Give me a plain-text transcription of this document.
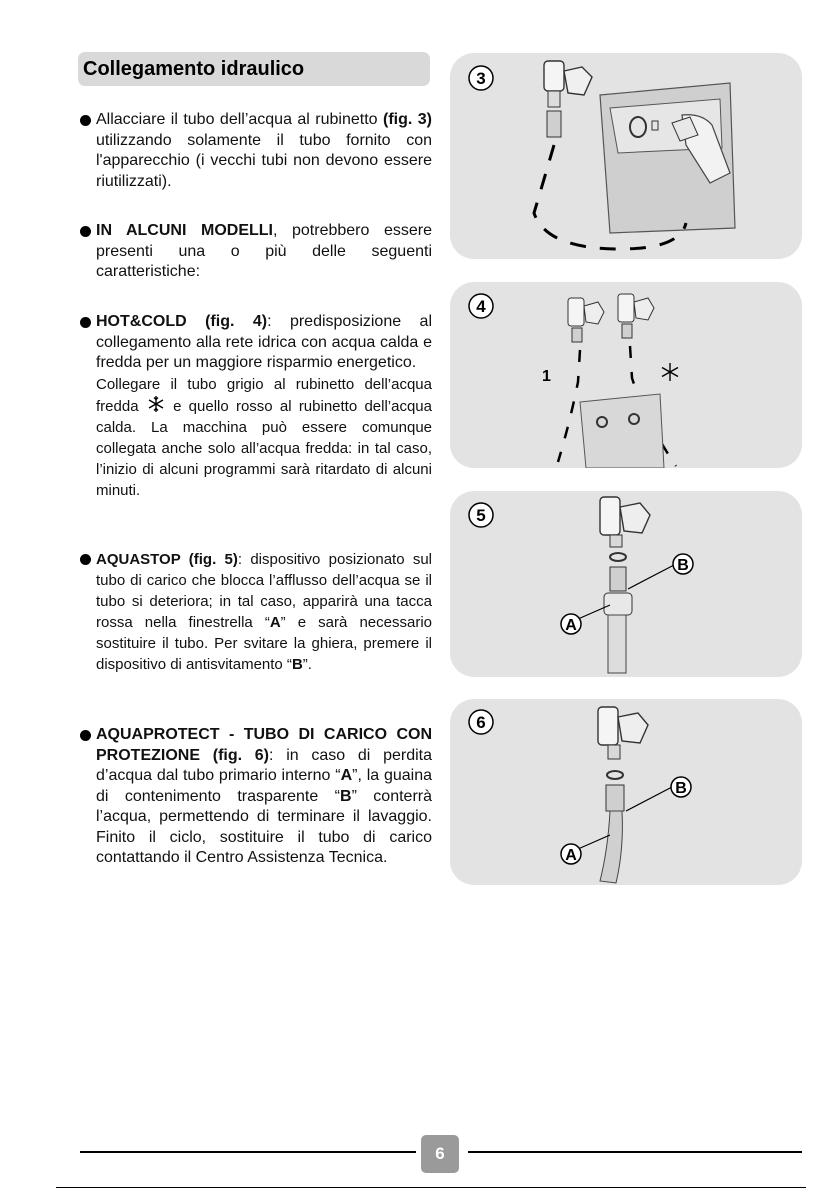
Collegamento idraulico
Allacciare il tubo dell’acqua al rubinetto (fig. 3) utilizzando solamente il tubo fornito con l'apparecchio (i vecchi tubi non devono essere riutilizzati).
IN ALCUNI MODELLI, potrebbero essere presenti una o più delle seguenti caratteristiche:

HOT&COLD (fig. 4): predisposizione al collegamento alla rete idrica con acqua calda e fredda per un maggiore risparmio energetico.

Collegare il tubo grigio al rubinetto dell’acqua fredda  e quello rosso al rubinetto dell’acqua calda. La macchina può essere comunque collegata anche solo all’acqua fredda: in tal caso, l’inizio di alcuni programmi sarà ritardato di alcuni minuti.

AQUASTOP (fig. 5): dispositivo posizionato sul tubo di carico che blocca l’afflusso dell’acqua se il tubo si deteriora; in tal caso, apparirà una tacca rossa nella finestrella “A” e sarà necessario sostituire il tubo. Per svitare la ghiera, premere il dispositivo di antisvitamento “B”.
AQUAPROTECT - TUBO DI CARICO CON PROTEZIONE (fig. 6): in caso di perdita d’acqua dal tubo primario interno “A”, la guaina di contenimento trasparente “B” conterrà l’acqua, permettendo di terminare il lavaggio. Finito il ciclo, sostituire il tubo di carico contattando il Centro Assistenza Tecnica.
3
4
1
5
B
A
6
B
A
6
